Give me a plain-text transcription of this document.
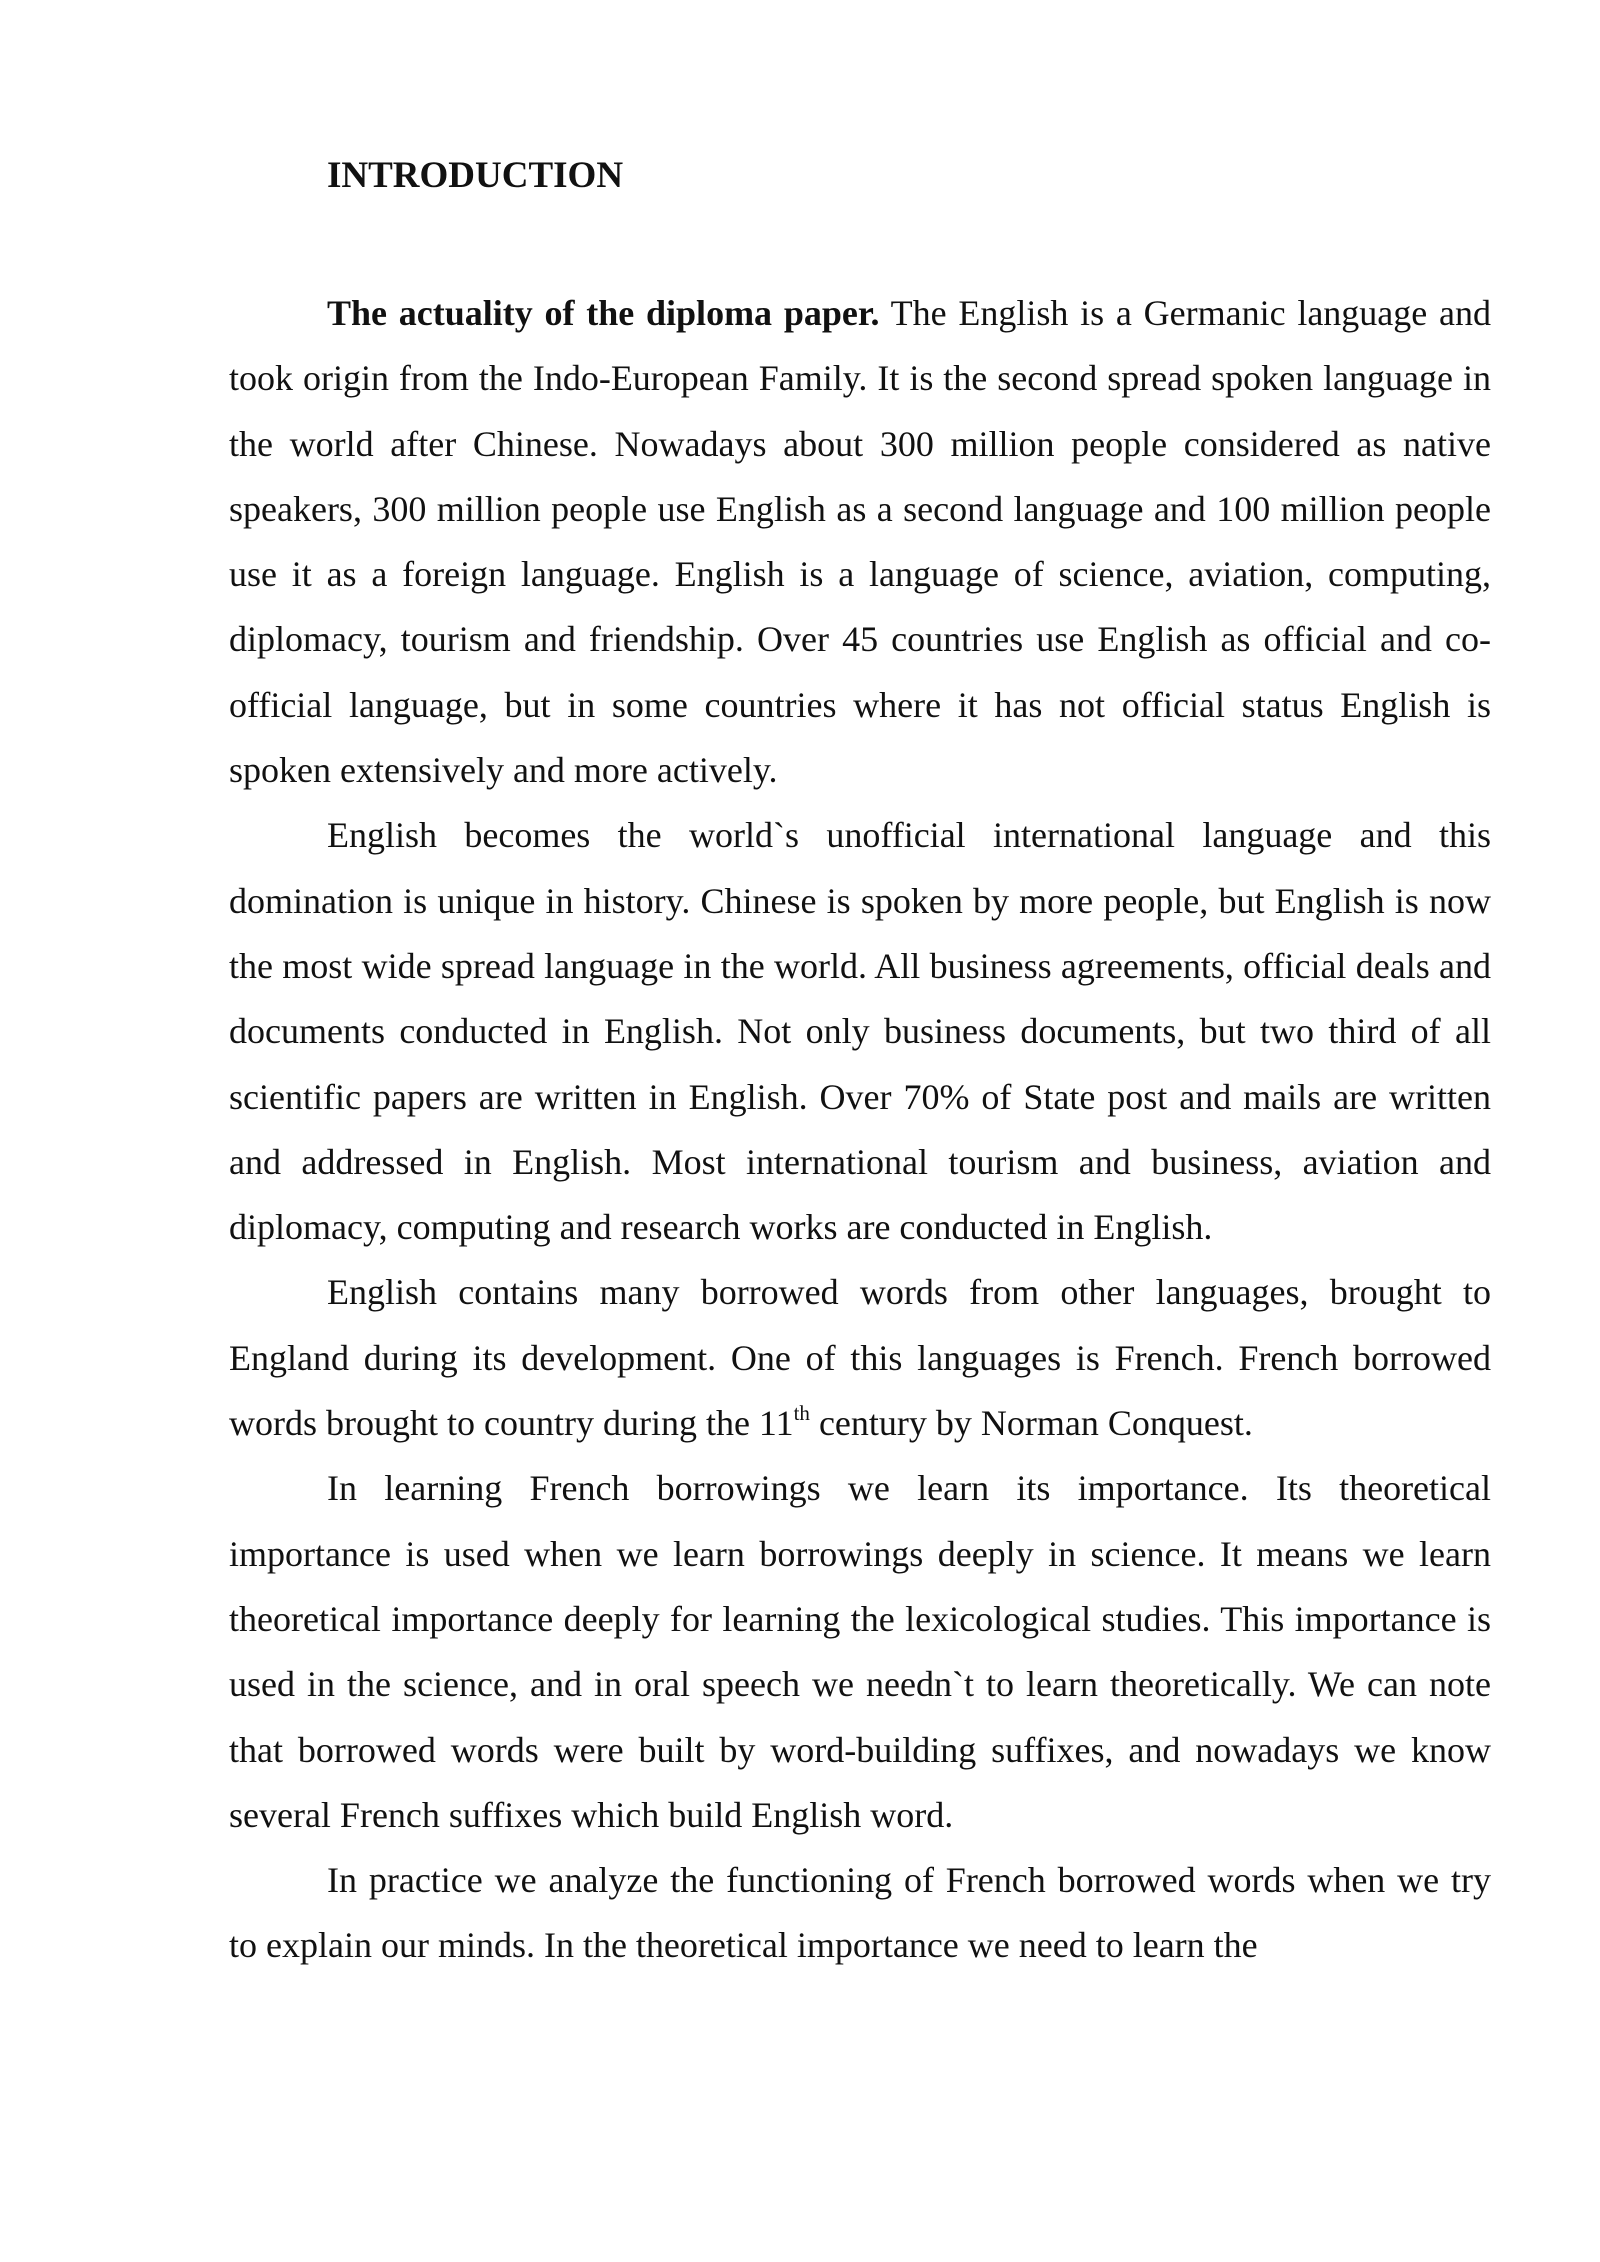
INTRODUCTION

The actuality of the diploma paper. The English is a Germanic language and took origin from the Indo-European Family. It is the second spread spoken language in the world after Chinese. Nowadays about 300 million people considered as native speakers, 300 million people use English as a second language and 100 million people use it as a foreign language. English is a language of science, aviation, computing, diplomacy, tourism and friendship. Over 45 countries use English as official and co-official language, but in some countries where it has not official status English is spoken extensively and more actively.

English becomes the world`s unofficial international language and this domination is unique in history. Chinese is spoken by more people, but English is now the most wide spread language in the world. All business agreements, official deals and documents conducted in English. Not only business documents, but two third of all scientific papers are written in English. Over 70% of State post and mails are written and addressed in English. Most international tourism and business, aviation and diplomacy, computing and research works are conducted in English.

English contains many borrowed words from other languages, brought to England during its development. One of this languages is French. French borrowed words brought to country during the 11th century by Norman Conquest.

In learning French borrowings we learn its importance. Its theoretical importance is used when we learn borrowings deeply in science. It means we learn theoretical importance deeply for learning the lexicological studies. This importance is used in the science, and in oral speech we needn`t to learn theoretically. We can note that borrowed words were built by word-building suffixes, and nowadays we know several French suffixes which build English word.

In practice we analyze the functioning of French borrowed words when we try to explain our minds. In the theoretical importance we need to learn the
